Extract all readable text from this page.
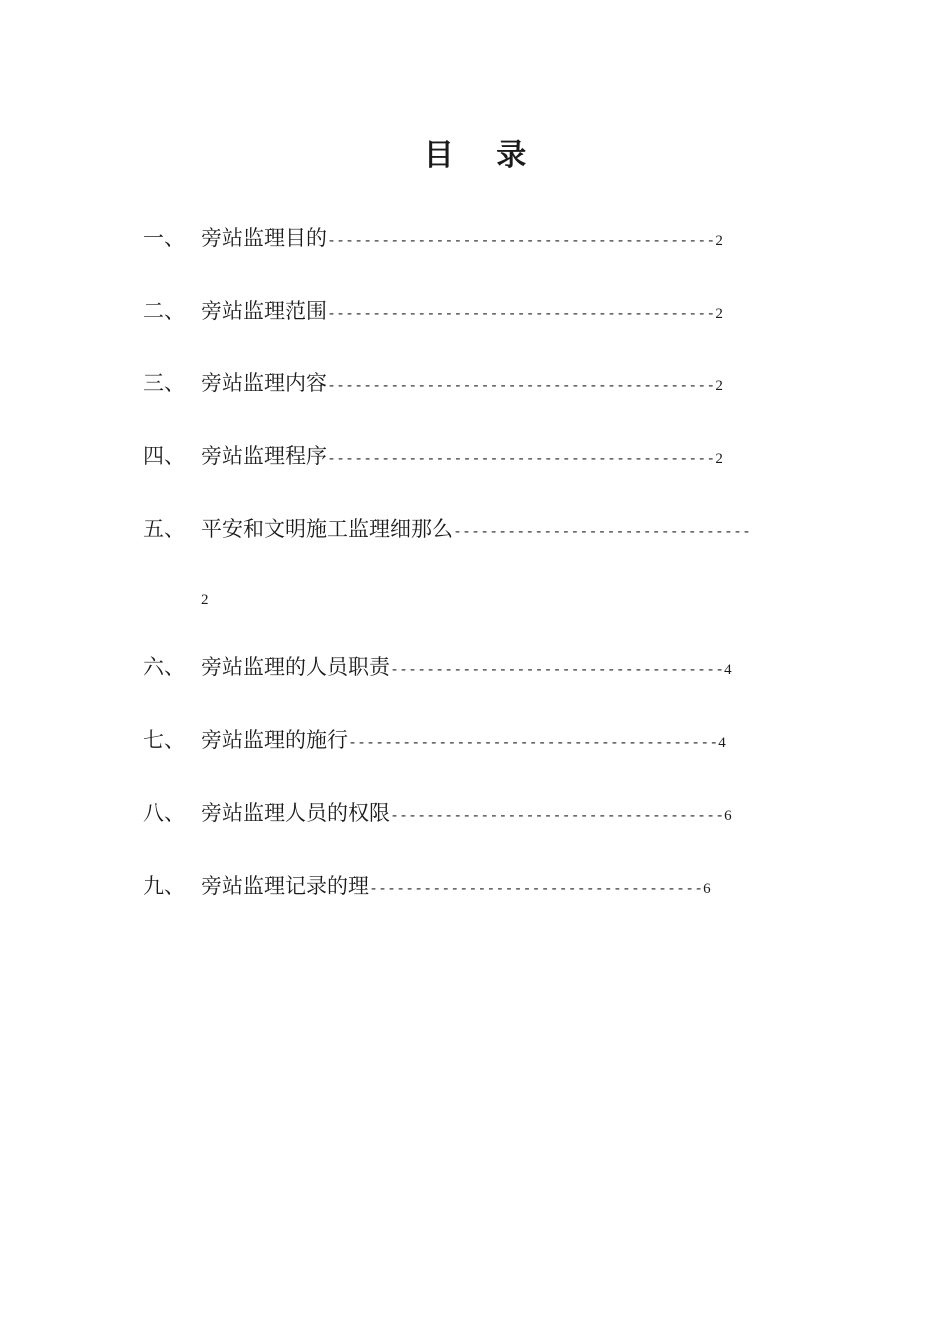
目 录
一、 旁站监理目的 ------------------------------------------- 2
二、 旁站监理范围 ------------------------------------------- 2
三、 旁站监理内容 ------------------------------------------- 2
四、 旁站监理程序 ------------------------------------------- 2
五、 平安和文明施工监理细那么 ---------------------------------
2
六、 旁站监理的人员职责 ------------------------------------- 4
七、 旁站监理的施行 ----------------------------------------- 4
八、 旁站监理人员的权限 ------------------------------------- 6
九、 旁站监理记录的理 ------------------------------------- 6
